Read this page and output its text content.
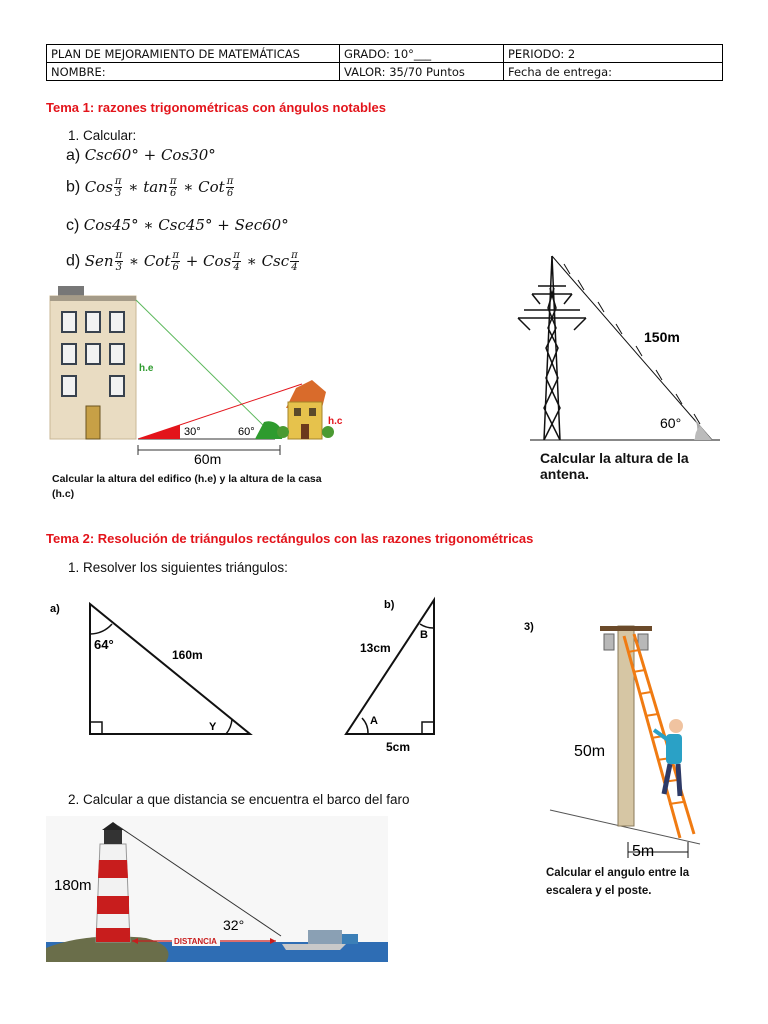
PLAN DE MEJORAMIENTO DE MATEMÁTICAS	GRADO: 10°___	PERIODO: 2
NOMBRE:	VALOR: 35/70 Puntos	Fecha de entrega:
Tema 1: razones trigonométricas con ángulos notables
1. Calcular:
a) Csc60° + Cos30°
b) Cos $\frac{\pi}{3}$ ∗ $\tan \frac{\pi}{6}$ ∗ Cot $\frac{\pi}{6}$
c) Cos45° ∗ Csc45° + Sec60°
d) Sen $\frac{\pi}{3}$ ∗ Cot $\frac{\pi}{6}$ + Cos $\frac{\pi}{4}$ ∗ Csc $\frac{\pi}{4}$
30°	60°
h.e
h.c
60m
Calcular la altura del edifico (h.e) y la altura de la casa (h.c)
150m
60°
Calcular la altura de la antena.
Tema 2: Resolución de triángulos rectángulos con las razones trigonométricas
1. Resolver los siguientes triángulos:
a)
64°
160m
Y
b)
13cm
B
A
5cm
2. Calcular a que distancia se encuentra el barco del faro
DISTANCIA
180m
32°
3)
50m
5m
Calcular el angulo entre la escalera y el poste.
